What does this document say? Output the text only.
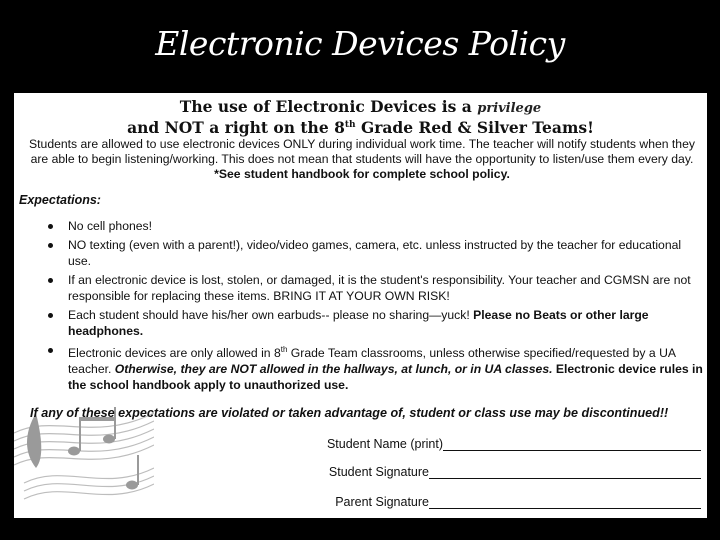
Electronic Devices Policy
The use of Electronic Devices is a privilege
and NOT a right on the 8th Grade Red & Silver Teams!
Students are allowed to use electronic devices ONLY during individual work time. The teacher will notify students when they are able to begin listening/working. This does not mean that students will have the opportunity to listen/use them every day. *See student handbook for complete school policy.
Expectations:
No cell phones!
NO texting (even with a parent!), video/video games, camera, etc. unless instructed by the teacher for educational use.
If an electronic device is lost, stolen, or damaged, it is the student's responsibility. Your teacher and CGMSN are not responsible for replacing these items. BRING IT AT YOUR OWN RISK!
Each student should have his/her own earbuds-- please no sharing—yuck! Please no Beats or other large headphones.
Electronic devices are only allowed in 8th Grade Team classrooms, unless otherwise specified/requested by a UA teacher. Otherwise, they are NOT allowed in the hallways, at lunch, or in UA classes. Electronic device rules in the school handbook apply to unauthorized use.
If any of these expectations are violated or taken advantage of, student or class use may be discontinued!!
Student Name (print)
Student Signature
Parent Signature
